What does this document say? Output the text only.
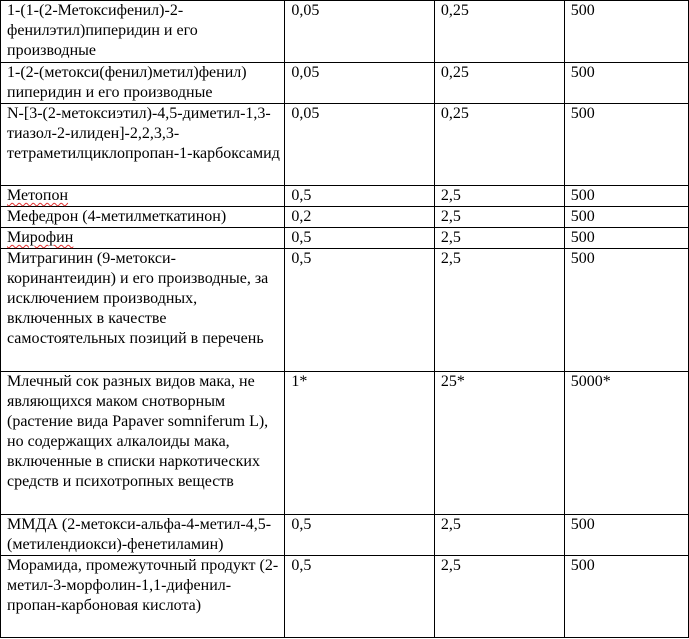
1-(1-(2-Метоксифенил)-2-фенилэтил)пиперидин и его производные	0,05	0,25	500
1-(2-(метокси(фенил)метил)фенил) пиперидин и его производные	0,05	0,25	500
N-[3-(2-метоксиэтил)-4,5-диметил-1,3-тиазол-2-илиден]-2,2,3,3-тетраметилциклопропан-1-карбоксамид	0,05	0,25	500
Метопон	0,5	2,5	500
Мефедрон (4-метилметкатинон)	0,2	2,5	500
Мирофин	0,5	2,5	500
Митрагинин (9-метокси-коринантеидин) и его производные, за исключением производных, включенных в качестве самостоятельных позиций в перечень	0,5	2,5	500
Млечный сок разных видов мака, не являющихся маком снотворным (растение вида Papaver somniferum L), но содержащих алкалоиды мака, включенные в списки наркотических средств и психотропных веществ	1*	25*	5000*
ММДА (2-метокси-альфа-4-метил-4,5-(метилендиокси)-фенетиламин)	0,5	2,5	500
Морамида, промежуточный продукт (2-метил-3-морфолин-1,1-дифенил-пропан-карбоновая кислота)	0,5	2,5	500
